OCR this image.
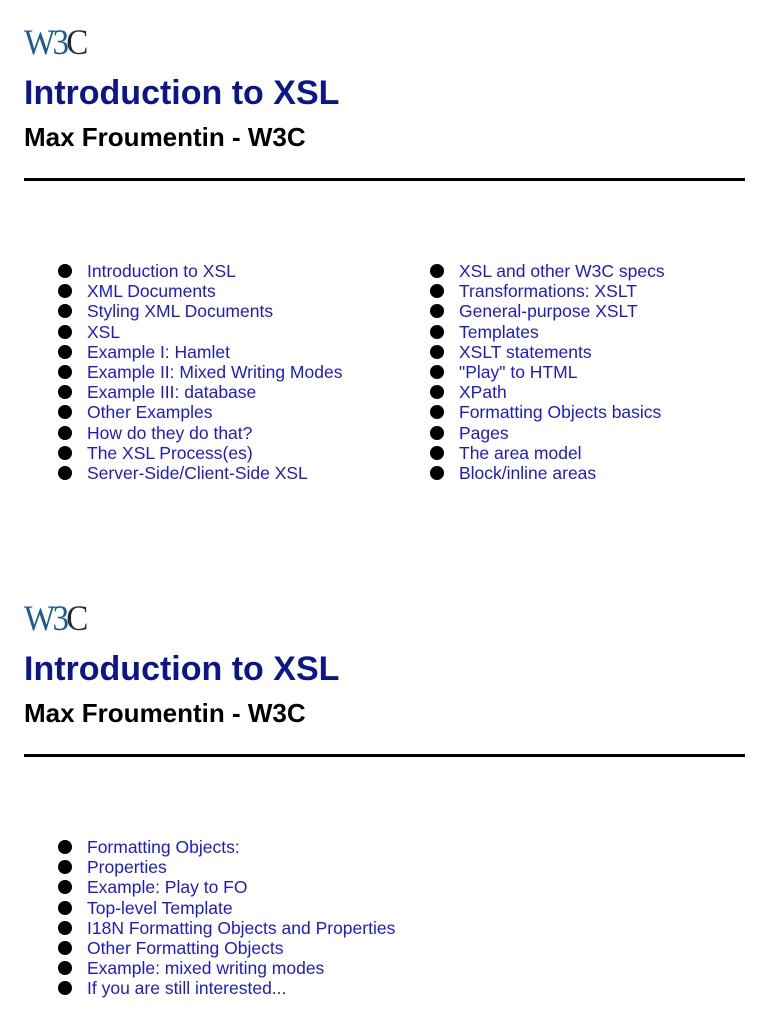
W3C
Introduction to XSL
Max Froumentin - W3C
Introduction to XSL
XML Documents
Styling XML Documents
XSL
Example I: Hamlet
Example II: Mixed Writing Modes
Example III: database
Other Examples
How do they do that?
The XSL Process(es)
Server-Side/Client-Side XSL
XSL and other W3C specs
Transformations: XSLT
General-purpose XSLT
Templates
XSLT statements
"Play" to HTML
XPath
Formatting Objects basics
Pages
The area model
Block/inline areas
W3C
Introduction to XSL
Max Froumentin - W3C
Formatting Objects:
Properties
Example: Play to FO
Top-level Template
I18N Formatting Objects and Properties
Other Formatting Objects
Example: mixed writing modes
If you are still interested...
